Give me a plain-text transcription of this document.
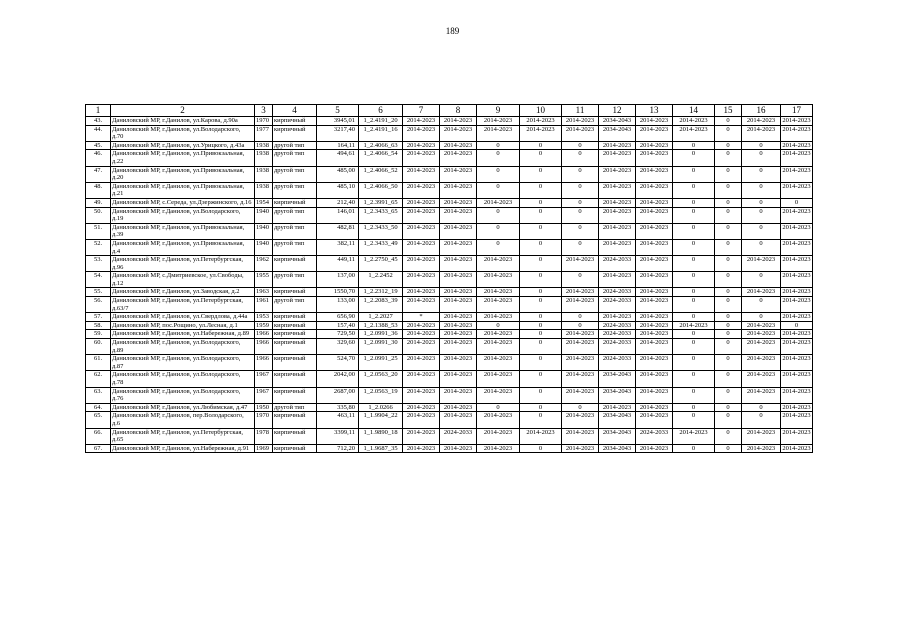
189
1	2	3	4	5	6	7	8	9	10	11	12	13	14	15	16	17
43.	Даниловский МР, г.Данилов, ул.Карова, д.90а	1970	кирпичный	3945,01	1_2.4191_20	2014-2023	2014-2023	2014-2023	2014-2023	2014-2023	2034-2043	2014-2023	2014-2023	0	2014-2023	2014-2023
44.	Даниловский МР, г.Данилов, ул.Володарского, д.70	1977	кирпичный	3217,40	1_2.4191_16	2014-2023	2014-2023	2014-2023	2014-2023	2014-2023	2034-2043	2014-2023	2014-2023	0	2014-2023	2014-2023
45.	Даниловский МР, г.Данилов, ул.Урицкого, д.43а	1938	другой тип	164,11	1_2.4066_63	2014-2023	2014-2023	0	0	0	2014-2023	2014-2023	0	0	0	2014-2023
46.	Даниловский МР, г.Данилов, ул.Привокзальная, д.22	1938	другой тип	494,61	1_2.4066_54	2014-2023	2014-2023	0	0	0	2014-2023	2014-2023	0	0	0	2014-2023
47.	Даниловский МР, г.Данилов, ул.Привокзальная, д.20	1938	другой тип	485,00	1_2.4066_52	2014-2023	2014-2023	0	0	0	2014-2023	2014-2023	0	0	0	2014-2023
48.	Даниловский МР, г.Данилов, ул.Привокзальная, д.21	1938	другой тип	485,10	1_2.4066_50	2014-2023	2014-2023	0	0	0	2014-2023	2014-2023	0	0	0	2014-2023
49.	Даниловский МР, с.Середа, ул.Дзержинского, д.16	1954	кирпичный	212,40	1_2.3991_65	2014-2023	2014-2023	2014-2023	0	0	2014-2023	2014-2023	0	0	0	0
50.	Даниловский МР, г.Данилов, ул.Володарского, д.19	1940	другой тип	146,01	1_2.3433_65	2014-2023	2014-2023	0	0	0	2014-2023	2014-2023	0	0	0	2014-2023
51.	Даниловский МР, г.Данилов, ул.Привокзальная, д.39	1940	другой тип	482,81	1_2.3433_50	2014-2023	2014-2023	0	0	0	2014-2023	2014-2023	0	0	0	2014-2023
52.	Даниловский МР, г.Данилов, ул.Привокзальная, д.4	1940	другой тип	382,11	1_2.3433_49	2014-2023	2014-2023	0	0	0	2014-2023	2014-2023	0	0	0	2014-2023
53.	Даниловский МР, г.Данилов, ул.Петербургская, д.96	1962	кирпичный	449,11	1_2.2750_45	2014-2023	2014-2023	2014-2023	0	2014-2023	2024-2033	2014-2023	0	0	2014-2023	2014-2023
54.	Даниловский МР, с.Дмитриевское, ул.Свободы, д.12	1955	другой тип	137,00	1_2.2452	2014-2023	2014-2023	2014-2023	0	0	2014-2023	2014-2023	0	0	0	2014-2023
55.	Даниловский МР, г.Данилов, ул.Заводская, д.2	1963	кирпичный	1550,70	1_2.2312_19	2014-2023	2014-2023	2014-2023	0	2014-2023	2024-2033	2014-2023	0	0	2014-2023	2014-2023
56.	Даниловский МР, г.Данилов, ул.Петербургская, д.63/7	1961	другой тип	133,00	1_2.2083_39	2014-2023	2014-2023	2014-2023	0	2014-2023	2024-2033	2014-2023	0	0	0	2014-2023
57.	Даниловский МР, г.Данилов, ул.Свердлова, д.44а	1953	кирпичный	656,90	1_2.2027	*	2014-2023	2014-2023	0	0	2014-2023	2014-2023	0	0	0	2014-2023
58.	Даниловский МР, пос.Рощино, ул.Лесная, д.1	1959	кирпичный	157,40	1_2.1388_53	2014-2023	2014-2023	0	0	0	2024-2033	2014-2023	2014-2023	0	2014-2023	0
59.	Даниловский МР, г.Данилов, ул.Набережная, д.89	1966	кирпичный	729,50	1_2.0991_36	2014-2023	2014-2023	2014-2023	0	2014-2023	2024-2033	2014-2023	0	0	2014-2023	2014-2023
60.	Даниловский МР, г.Данилов, ул.Володарского, д.89	1966	кирпичный	329,60	1_2.0991_30	2014-2023	2014-2023	2014-2023	0	2014-2023	2024-2033	2014-2023	0	0	2014-2023	2014-2023
61.	Даниловский МР, г.Данилов, ул.Володарского, д.87	1966	кирпичный	524,70	1_2.0991_25	2014-2023	2014-2023	2014-2023	0	2014-2023	2024-2033	2014-2023	0	0	2014-2023	2014-2023
62.	Даниловский МР, г.Данилов, ул.Володарского, д.78	1967	кирпичный	2042,00	1_2.0563_20	2014-2023	2014-2023	2014-2023	0	2014-2023	2034-2043	2014-2023	0	0	2014-2023	2014-2023
63.	Даниловский МР, г.Данилов, ул.Володарского, д.76	1967	кирпичный	2687,00	1_2.0563_19	2014-2023	2014-2023	2014-2023	0	2014-2023	2034-2043	2014-2023	0	0	2014-2023	2014-2023
64.	Даниловский МР, г.Данилов, ул.Любимская, д.47	1950	другой тип	335,80	1_2.0266	2014-2023	2014-2023	0	0	0	2014-2023	2014-2023	0	0	0	2014-2023
65.	Даниловский МР, г.Данилов, пер.Володарского, д.6	1970	кирпичный	463,11	1_1.9904_22	2014-2023	2014-2023	2014-2023	0	2014-2023	2034-2043	2014-2023	0	0	0	2014-2023
66.	Даниловский МР, г.Данилов, ул.Петербургская, д.65	1978	кирпичный	3399,11	1_1.9890_18	2014-2023	2024-2033	2014-2023	2014-2023	2014-2023	2034-2043	2024-2033	2014-2023	0	2014-2023	2014-2023
67.	Даниловский МР, г.Данилов, ул.Набережная, д.91	1969	кирпичный	712,20	1_1.9687_35	2014-2023	2014-2023	2014-2023	0	2014-2023	2034-2043	2014-2023	0	0	2014-2023	2014-2023
